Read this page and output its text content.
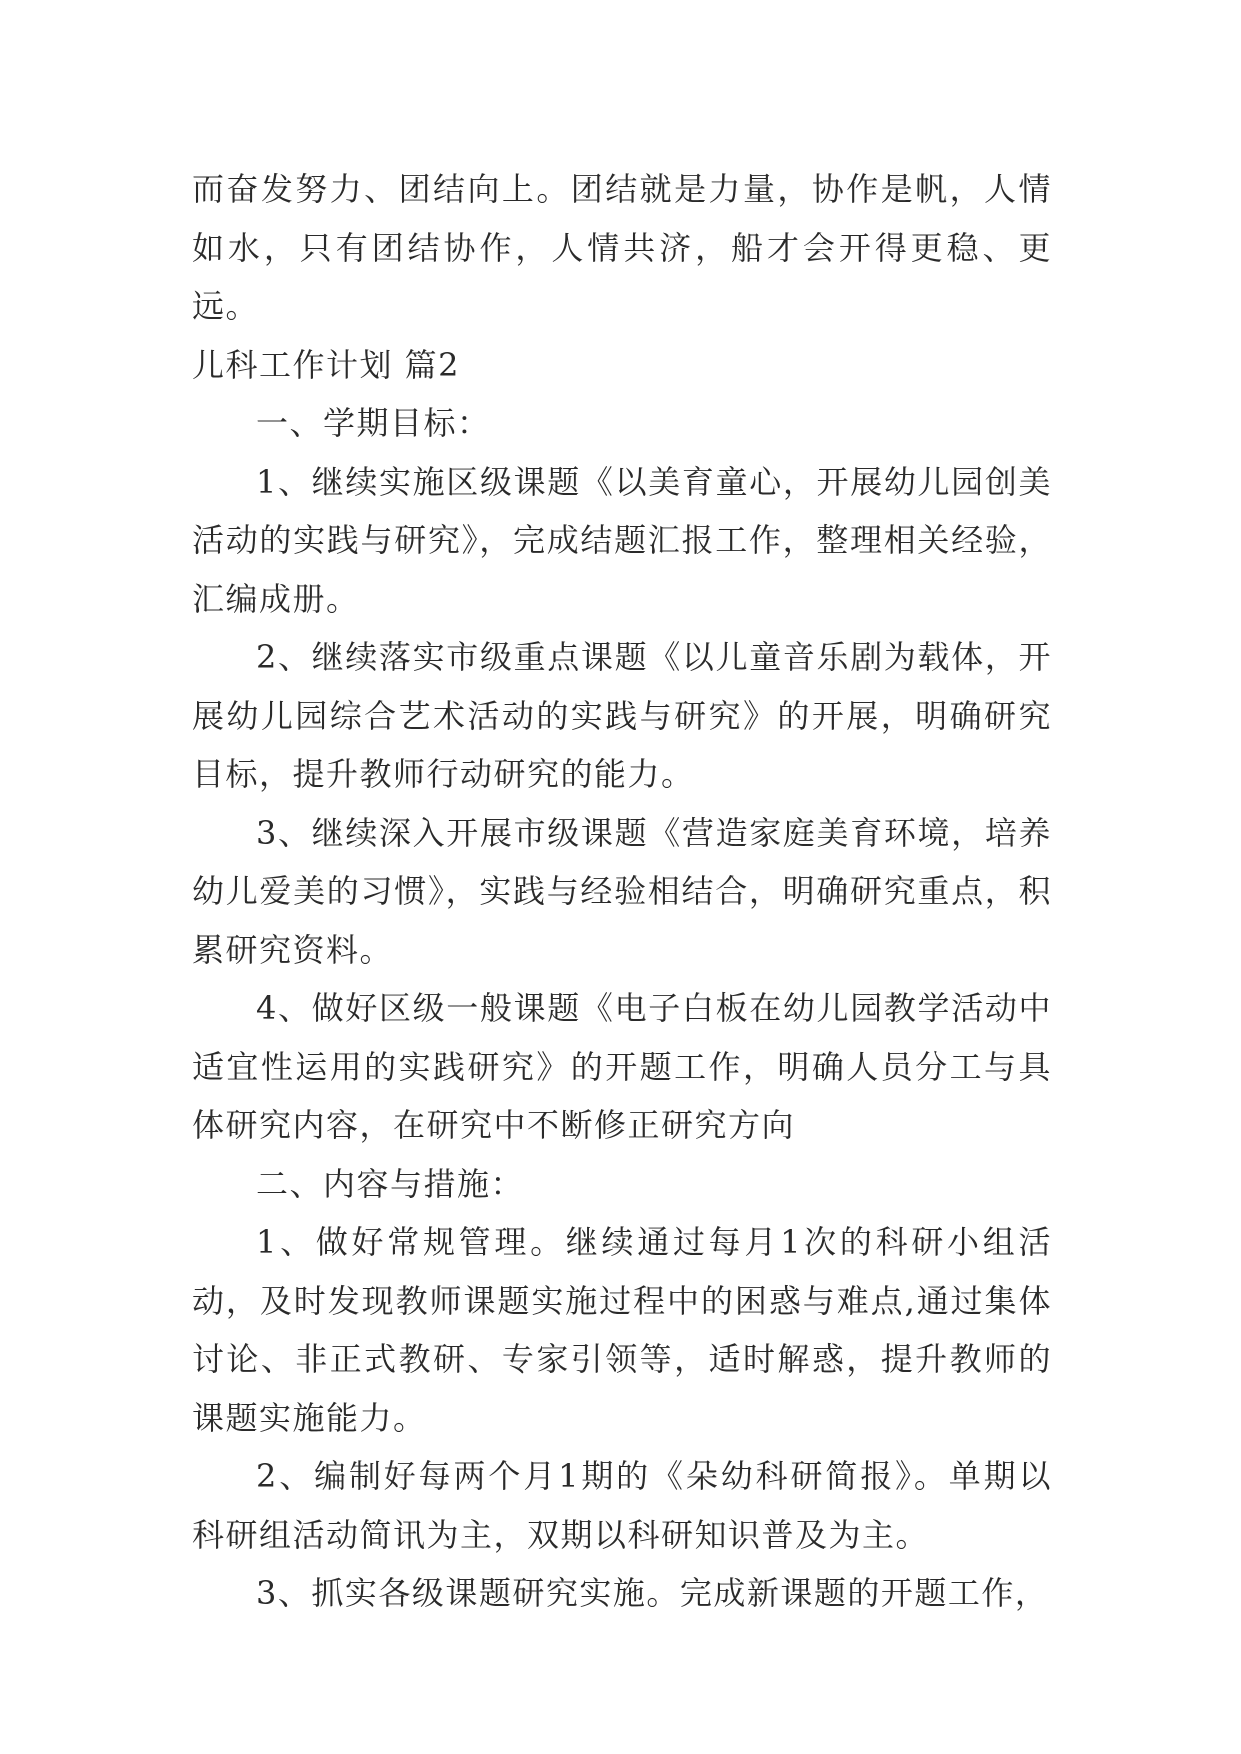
而奋发努力、团结向上。团结就是力量，协作是帆，人情如水，只有团结协作，人情共济，船才会开得更稳、更远。

儿科工作计划 篇2

一、学期目标：

1、继续实施区级课题《以美育童心，开展幼儿园创美活动的实践与研究》，完成结题汇报工作，整理相关经验，汇编成册。

2、继续落实市级重点课题《以儿童音乐剧为载体，开展幼儿园综合艺术活动的实践与研究》的开展，明确研究目标，提升教师行动研究的能力。

3、继续深入开展市级课题《营造家庭美育环境，培养幼儿爱美的习惯》，实践与经验相结合，明确研究重点，积累研究资料。

4、做好区级一般课题《电子白板在幼儿园教学活动中适宜性运用的实践研究》的开题工作，明确人员分工与具体研究内容，在研究中不断修正研究方向

二、内容与措施：

1、做好常规管理。继续通过每月1次的科研小组活动，及时发现教师课题实施过程中的困惑与难点,通过集体讨论、非正式教研、专家引领等，适时解惑，提升教师的课题实施能力。

2、编制好每两个月1期的《朵幼科研简报》。单期以科研组活动简讯为主，双期以科研知识普及为主。

3、抓实各级课题研究实施。完成新课题的开题工作，
